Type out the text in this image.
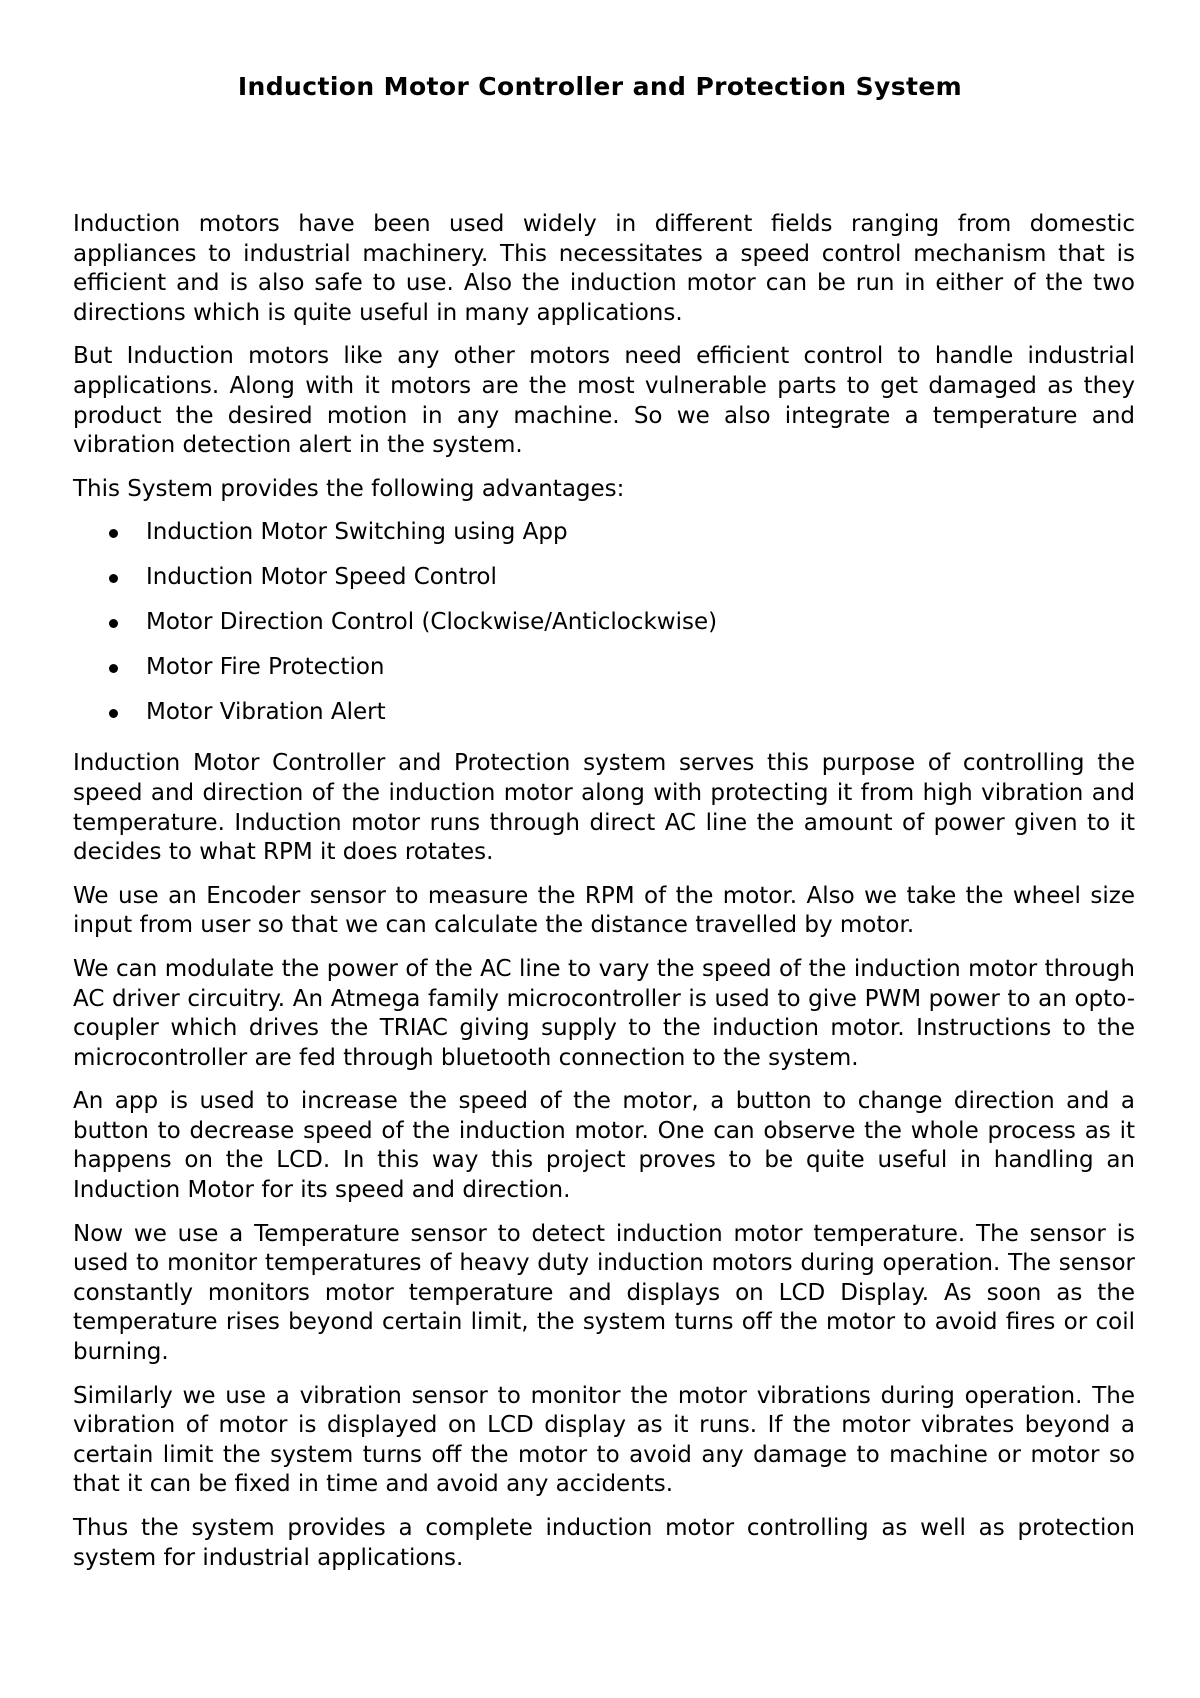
Induction Motor Controller and Protection System

Induction motors have been used widely in different fields ranging from domestic appliances to industrial machinery. This necessitates a speed control mechanism that is efficient and is also safe to use. Also the induction motor can be run in either of the two directions which is quite useful in many applications.

But Induction motors like any other motors need efficient control to handle industrial applications. Along with it motors are the most vulnerable parts to get damaged as they product the desired motion in any machine. So we also integrate a temperature and vibration detection alert in the system.

This System provides the following advantages:

Induction Motor Switching using App
Induction Motor Speed Control
Motor Direction Control (Clockwise/Anticlockwise)
Motor Fire Protection
Motor Vibration Alert

Induction Motor Controller and Protection system serves this purpose of controlling the speed and direction of the induction motor along with protecting it from high vibration and temperature. Induction motor runs through direct AC line the amount of power given to it decides to what RPM it does rotates.

We use an Encoder sensor to measure the RPM of the motor. Also we take the wheel size input from user so that we can calculate the distance travelled by motor.

We can modulate the power of the AC line to vary the speed of the induction motor through AC driver circuitry. An Atmega family microcontroller is used to give PWM power to an opto-coupler which drives the TRIAC giving supply to the induction motor. Instructions to the microcontroller are fed through bluetooth connection to the system.

An app is used to increase the speed of the motor, a button to change direction and a button to decrease speed of the induction motor. One can observe the whole process as it happens on the LCD. In this way this project proves to be quite useful in handling an Induction Motor for its speed and direction.

Now we use a Temperature sensor to detect induction motor temperature. The sensor is used to monitor temperatures of heavy duty induction motors during operation. The sensor constantly monitors motor temperature and displays on LCD Display. As soon as the temperature rises beyond certain limit, the system turns off the motor to avoid fires or coil burning.

Similarly we use a vibration sensor to monitor the motor vibrations during operation. The vibration of motor is displayed on LCD display as it runs. If the motor vibrates beyond a certain limit the system turns off the motor to avoid any damage to machine or motor so that it can be fixed in time and avoid any accidents.

Thus the system provides a complete induction motor controlling as well as protection system for industrial applications.
